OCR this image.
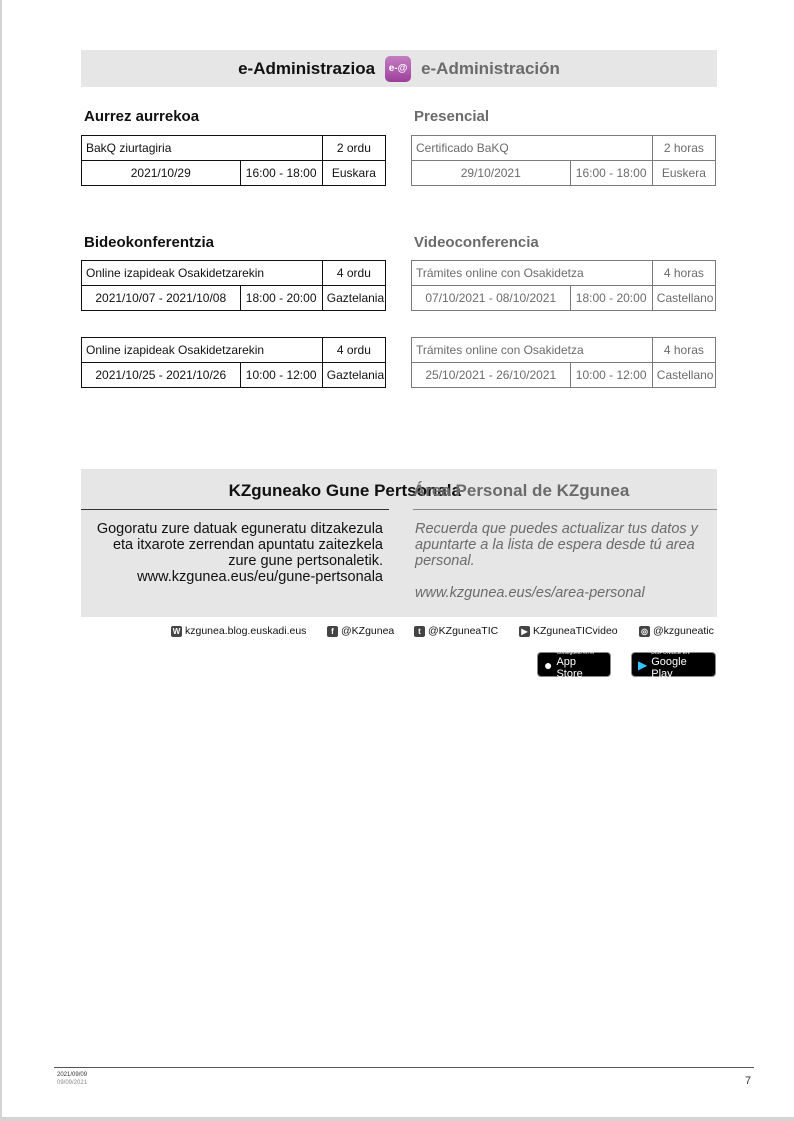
e-Administrazioa	e-@ e-Administración
Aurrez aurrekoa	Presencial
BakQ ziurtagiria		2 ordu
2021/10/29	16:00 - 18:00	Euskara
Certificado BaKQ		2 horas
29/10/2021	16:00 - 18:00	Euskera
Bideokonferentzia	Videoconferencia
Online izapideak Osakidetzarekin		4 ordu
2021/10/07 - 2021/10/08	18:00 - 20:00	Gaztelania
Trámites online con Osakidetza		4 horas
07/10/2021 - 08/10/2021	18:00 - 20:00	Castellano
Online izapideak Osakidetzarekin		4 ordu
2021/10/25 - 2021/10/26	10:00 - 12:00	Gaztelania
Trámites online con Osakidetza		4 horas
25/10/2021 - 26/10/2021	10:00 - 12:00	Castellano
KZguneako Gune Pertsonala
Área Personal de KZgunea
Gogoratu zure datuak eguneratu ditzakezula eta itxarote zerrendan apuntatu zaitezkela zure gune pertsonaletik.
www.kzgunea.eus/eu/gune-pertsonala
Recuerda que puedes actualizar tus datos y apuntarte a la lista de espera desde tú area personal.
www.kzgunea.eus/es/area-personal
W kzgunea.blog.euskadi.eus	f @KZgunea	t @KZguneaTIC	▶ KZguneaTICvideo	◎ @kzguneatic
●
Consíguelo en el
App Store
▶
DISPONIBLE EN
Google Play
2021/09/09
09/09/2021	7
